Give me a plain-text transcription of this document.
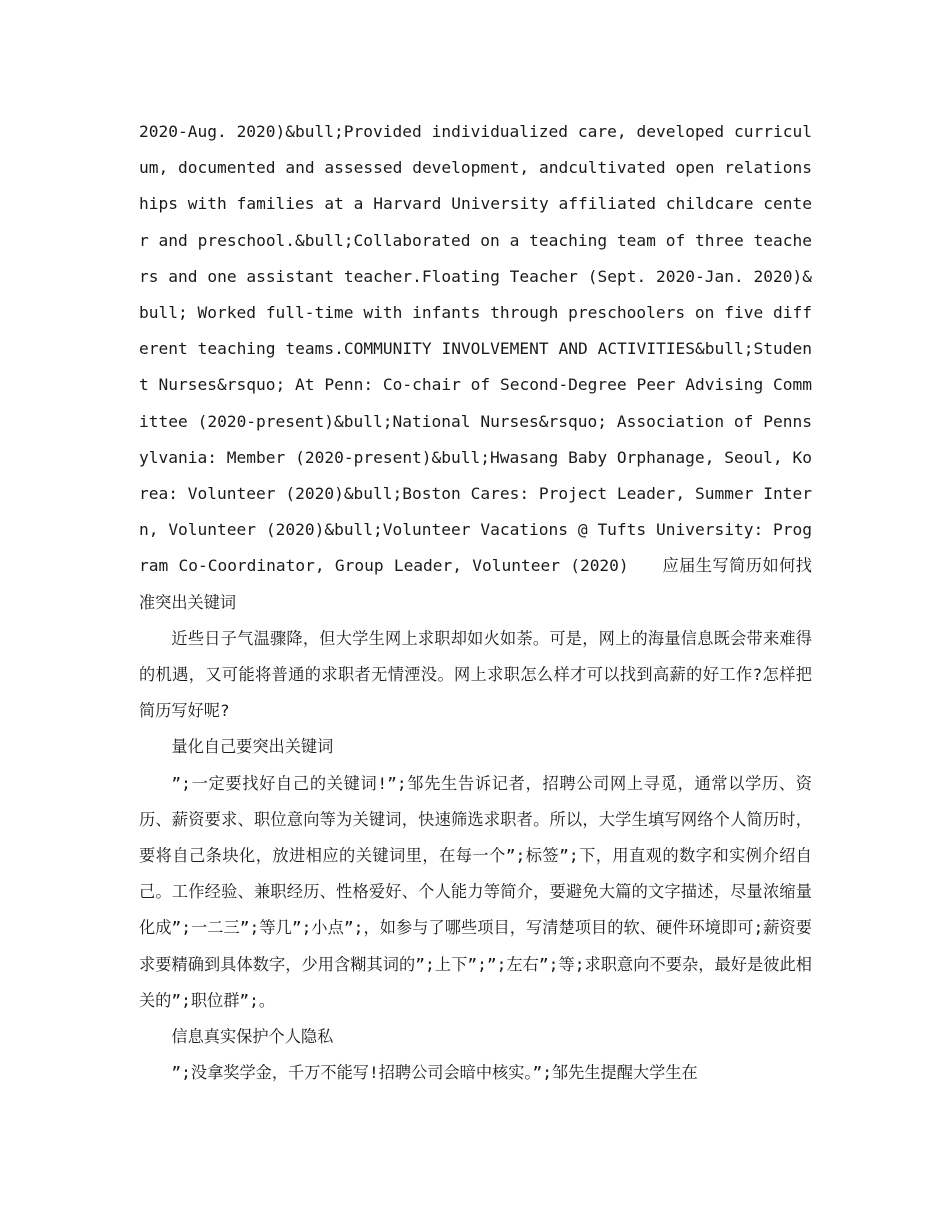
2020-Aug. 2020)&bull;Provided individualized care, developed curriculum, documented and assessed development, andcultivated open relationships with families at a Harvard University affiliated childcare center and preschool.&bull;Collaborated on a teaching team of three teachers and one assistant teacher.Floating Teacher (Sept. 2020-Jan. 2020)&bull; Worked full-time with infants through preschoolers on five different teaching teams.COMMUNITY INVOLVEMENT AND ACTIVITIES&bull;Student Nurses&rsquo; At Penn: Co-chair of Second-Degree Peer Advising Committee (2020-present)&bull;National Nurses&rsquo; Association of Pennsylvania: Member (2020-present)&bull;Hwasang Baby Orphanage, Seoul, Korea: Volunteer (2020)&bull;Boston Cares: Project Leader, Summer Intern, Volunteer (2020)&bull;Volunteer Vacations @ Tufts University: Program Co-Coordinator, Group Leader, Volunteer (2020)　　应届生写简历如何找准突出关键词

近些日子气温骤降，但大学生网上求职却如火如荼。可是，网上的海量信息既会带来难得的机遇，又可能将普通的求职者无情湮没。网上求职怎么样才可以找到高薪的好工作?怎样把简历写好呢?

量化自己要突出关键词

”;一定要找好自己的关键词!”;邹先生告诉记者，招聘公司网上寻觅，通常以学历、资历、薪资要求、职位意向等为关键词，快速筛选求职者。所以，大学生填写网络个人简历时，要将自己条块化，放进相应的关键词里，在每一个”;标签”;下，用直观的数字和实例介绍自己。工作经验、兼职经历、性格爱好、个人能力等简介，要避免大篇的文字描述，尽量浓缩量化成”;一二三”;等几”;小点”;，如参与了哪些项目，写清楚项目的软、硬件环境即可;薪资要求要精确到具体数字，少用含糊其词的”;上下”;”;左右”;等;求职意向不要杂，最好是彼此相关的”;职位群”;。

信息真实保护个人隐私

”;没拿奖学金，千万不能写!招聘公司会暗中核实。”;邹先生提醒大学生在
